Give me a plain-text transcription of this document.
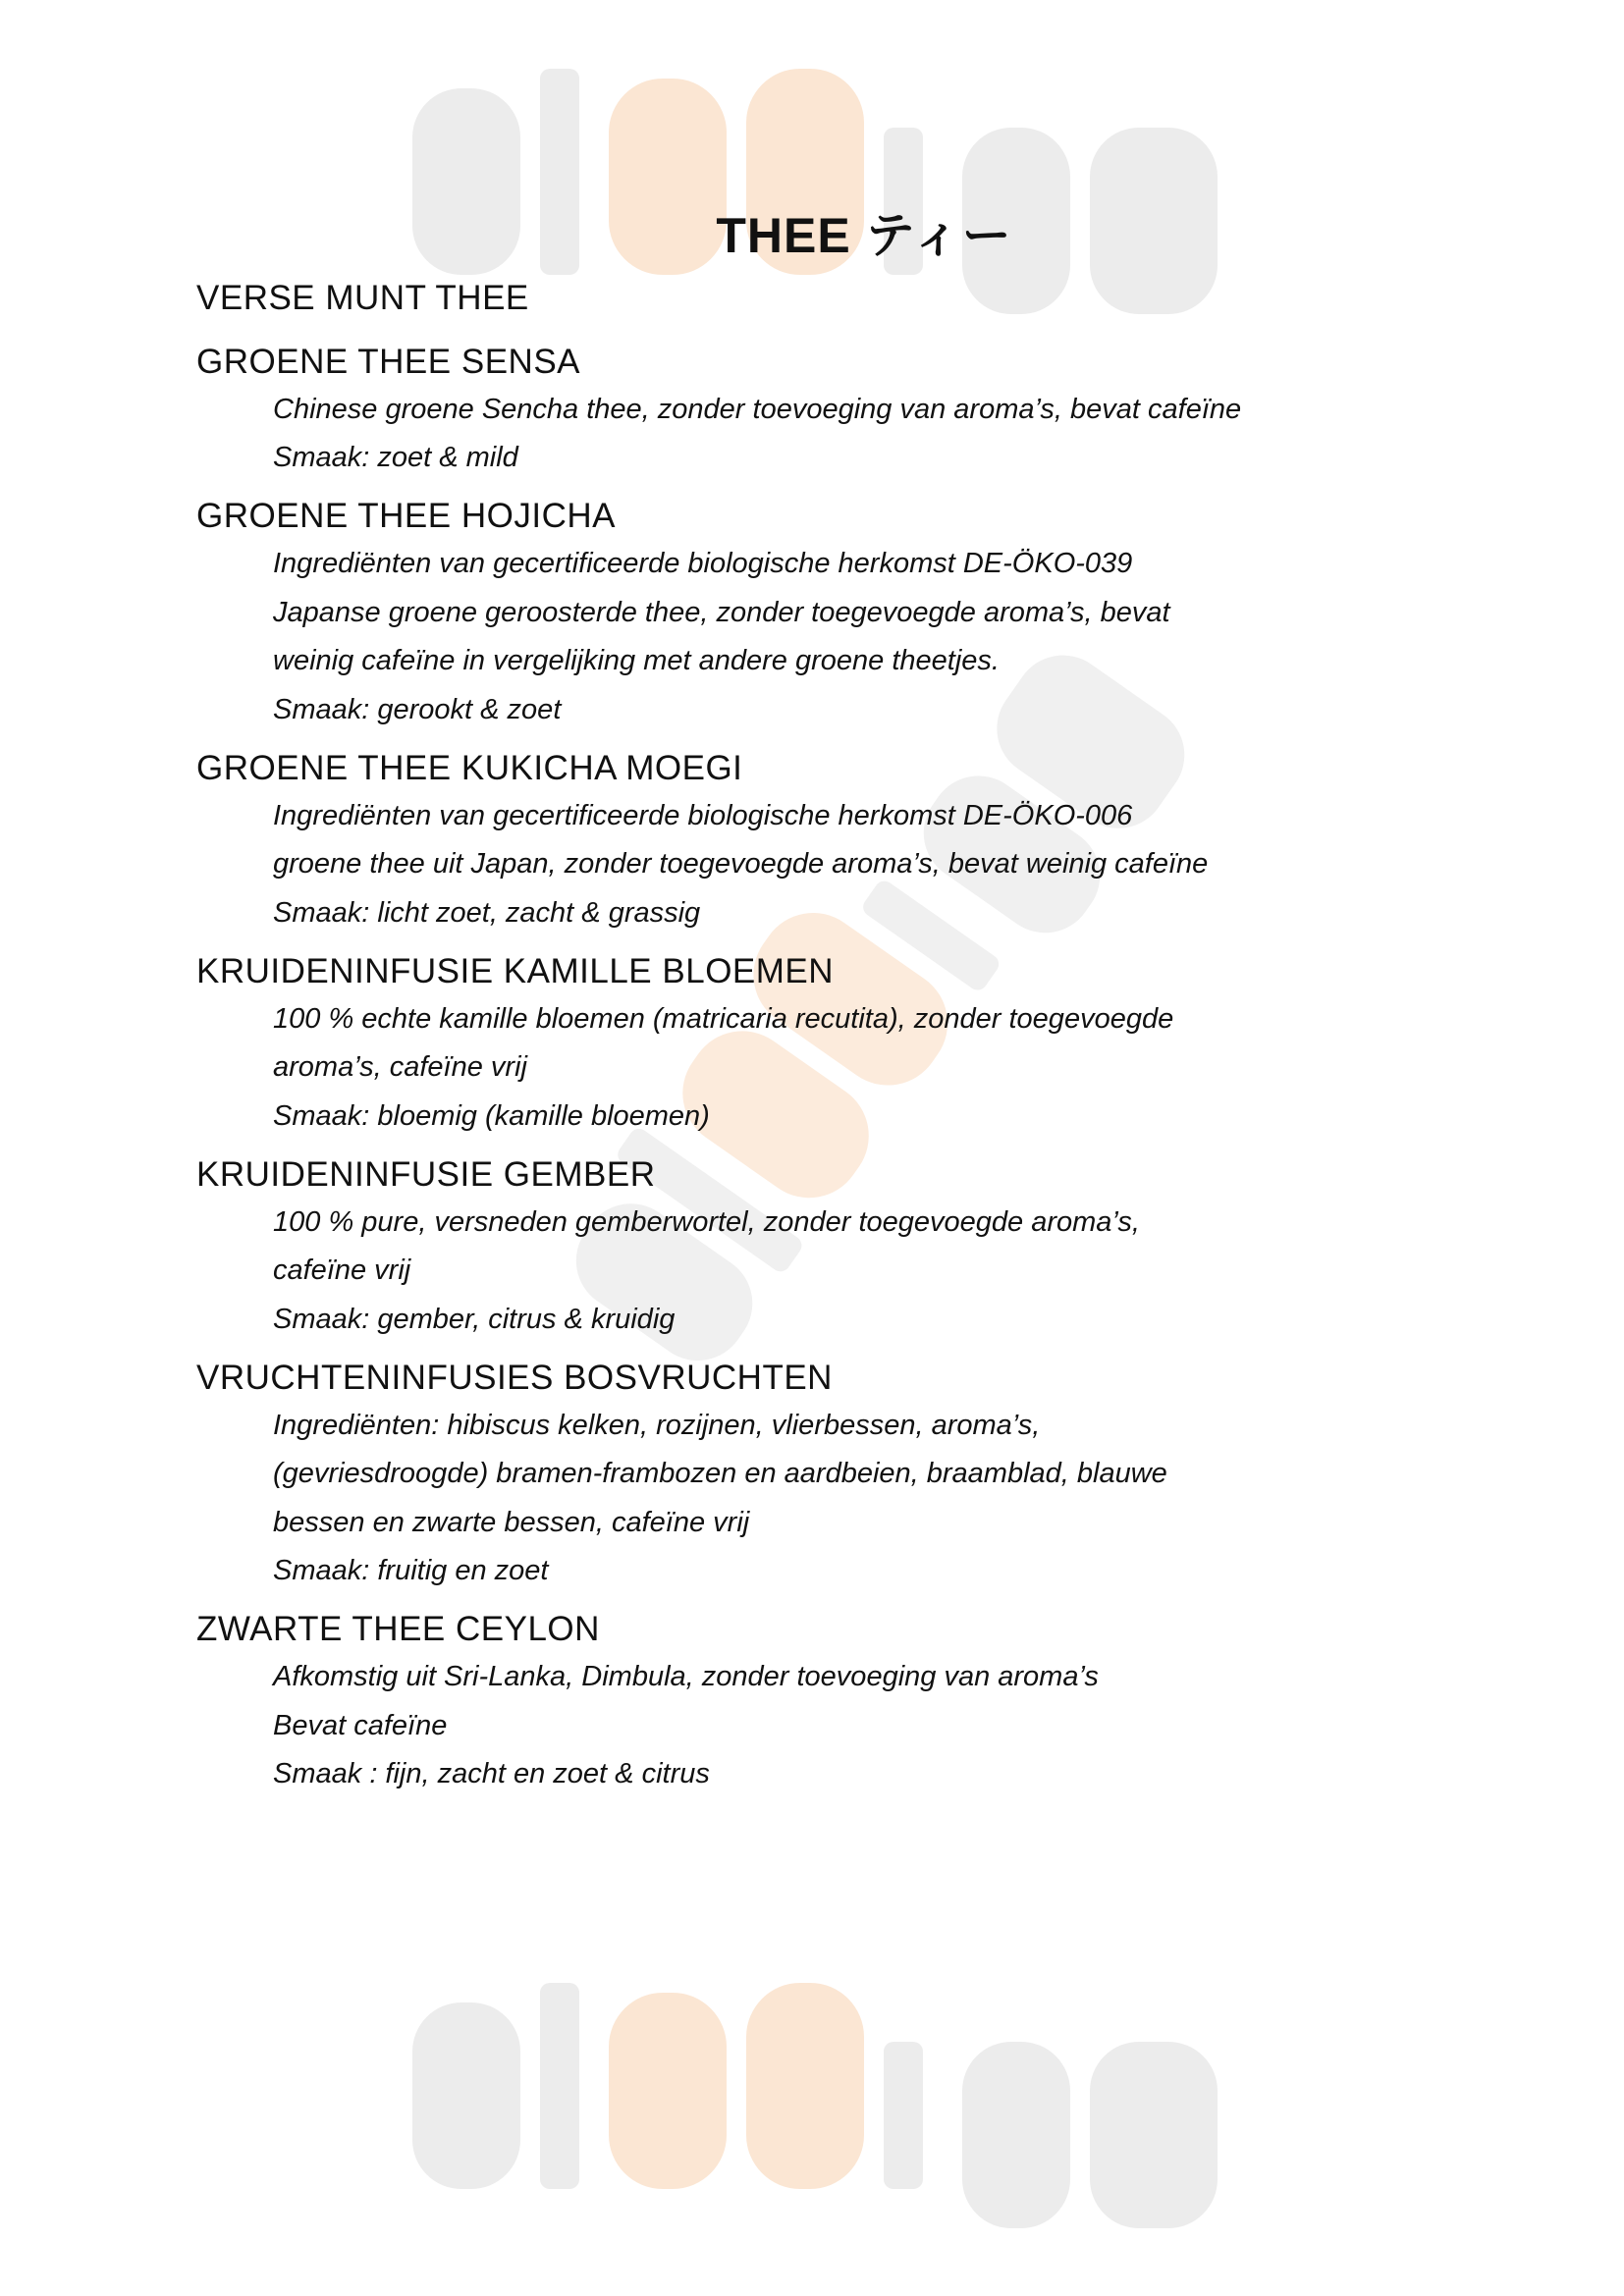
THEE ティー
VERSE MUNT THEE
GROENE THEE SENSA
Chinese groene Sencha thee, zonder toevoeging van aroma’s, bevat cafeïne
Smaak: zoet & mild
GROENE THEE HOJICHA
Ingrediënten van gecertificeerde biologische herkomst DE-ÖKO-039
Japanse groene geroosterde thee, zonder toegevoegde aroma’s, bevat
weinig cafeïne in vergelijking met andere groene theetjes.
Smaak: gerookt & zoet
GROENE THEE KUKICHA MOEGI
Ingrediënten van gecertificeerde biologische herkomst DE-ÖKO-006
groene thee uit Japan, zonder toegevoegde aroma’s, bevat weinig cafeïne
Smaak: licht zoet, zacht & grassig
KRUIDENINFUSIE KAMILLE BLOEMEN
100 % echte kamille bloemen (matricaria recutita), zonder toegevoegde
aroma’s, cafeïne vrij
Smaak: bloemig (kamille bloemen)
KRUIDENINFUSIE GEMBER
100 % pure, versneden gemberwortel, zonder toegevoegde aroma’s,
cafeïne vrij
Smaak: gember, citrus & kruidig
VRUCHTENINFUSIES BOSVRUCHTEN
Ingrediënten: hibiscus kelken, rozijnen, vlierbessen, aroma’s,
(gevriesdroogde) bramen-frambozen en aardbeien, braamblad, blauwe
bessen en zwarte bessen, cafeïne vrij
Smaak: fruitig en zoet
ZWARTE THEE CEYLON
Afkomstig uit Sri-Lanka, Dimbula, zonder toevoeging van aroma’s
Bevat cafeïne
Smaak : fijn, zacht en zoet & citrus
